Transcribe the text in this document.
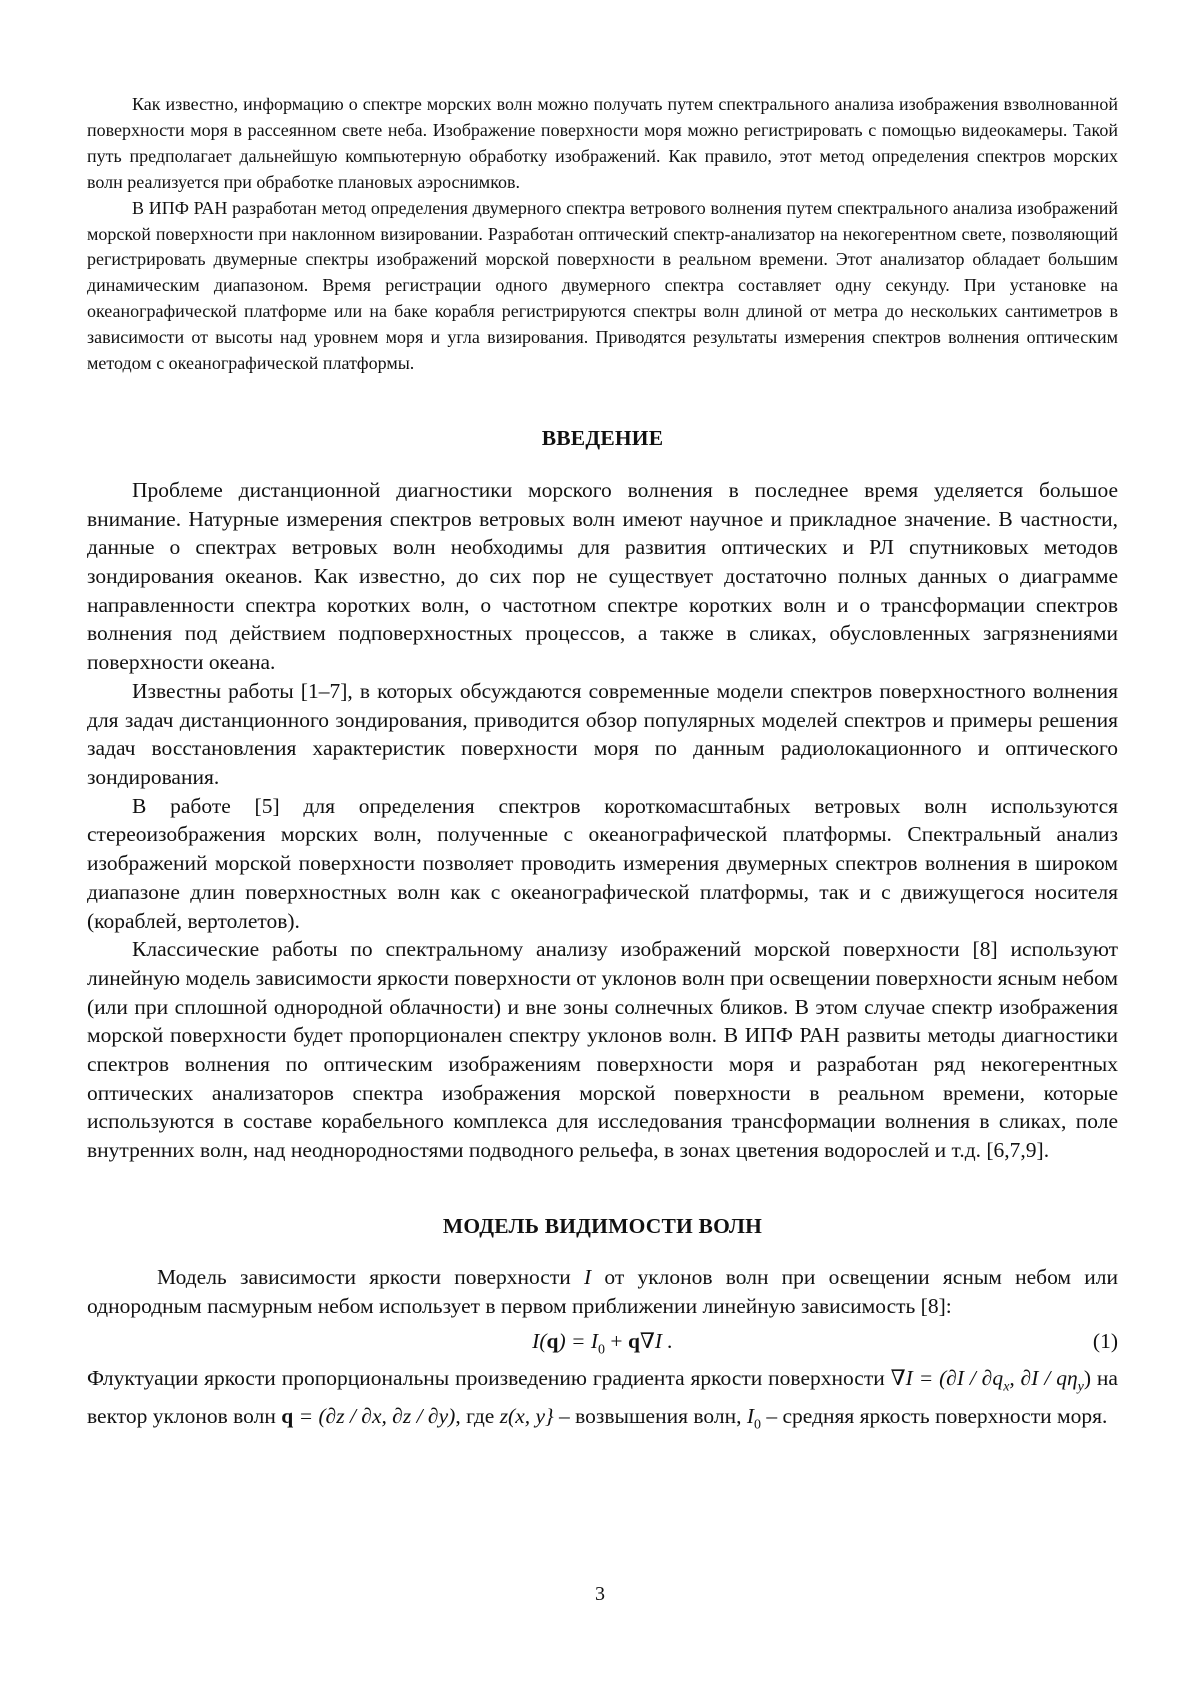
Как известно, информацию о спектре морских волн можно получать путем спектрального анализа изображения взволнованной поверхности моря в рассеянном свете неба. Изображение поверхности моря можно регистрировать с помощью видеокамеры. Такой путь предполагает дальнейшую компьютерную обработку изображений. Как правило, этот метод определения спектров морских волн реализуется при обработке плановых аэроснимков.

В ИПФ РАН разработан метод определения двумерного спектра ветрового волнения путем спектрального анализа изображений морской поверхности при наклонном визировании. Разработан оптический спектр-анализатор на некогерентном свете, позволяющий регистрировать двумерные спектры изображений морской поверхности в реальном времени. Этот анализатор обладает большим динамическим диапазоном. Время регистрации одного двумерного спектра составляет одну секунду. При установке на океанографической платформе или на баке корабля регистрируются спектры волн длиной от метра до нескольких сантиметров в зависимости от высоты над уровнем моря и угла визирования. Приводятся результаты измерения спектров волнения оптическим методом с океанографической платформы.

ВВЕДЕНИЕ

Проблеме дистанционной диагностики морского волнения в последнее время уделяется большое внимание. Натурные измерения спектров ветровых волн имеют научное и прикладное значение. В частности, данные о спектрах ветровых волн необходимы для развития оптических и РЛ спутниковых методов зондирования океанов. Как известно, до сих пор не существует достаточно полных данных о диаграмме направленности спектра коротких волн, о частотном спектре коротких волн и о трансформации спектров волнения под действием подповерхностных процессов, а также в сликах, обусловленных загрязнениями поверхности океана.

Известны работы [1–7], в которых обсуждаются современные модели спектров поверхностного волнения для задач дистанционного зондирования, приводится обзор популярных моделей спектров и примеры решения задач восстановления характеристик поверхности моря по данным радиолокационного и оптического зондирования.

В работе [5] для определения спектров короткомасштабных ветровых волн используются стереоизображения морских волн, полученные с океанографической платформы. Спектральный анализ изображений морской поверхности позволяет проводить измерения двумерных спектров волнения в широком диапазоне длин поверхностных волн как с океанографической платформы, так и с движущегося носителя (кораблей, вертолетов).

Классические работы по спектральному анализу изображений морской поверхности [8] используют линейную модель зависимости яркости поверхности от уклонов волн при освещении поверхности ясным небом (или при сплошной однородной облачности) и вне зоны солнечных бликов. В этом случае спектр изображения морской поверхности будет пропорционален спектру уклонов волн. В ИПФ РАН развиты методы диагностики спектров волнения по оптическим изображениям поверхности моря и разработан ряд некогерентных оптических анализаторов спектра изображения морской поверхности в реальном времени, которые используются в составе корабельного комплекса для исследования трансформации волнения в сликах, поле внутренних волн, над неоднородностями подводного рельефа, в зонах цветения водорослей и т.д. [6,7,9].

МОДЕЛЬ ВИДИМОСТИ ВОЛН

Модель зависимости яркости поверхности I от уклонов волн при освещении ясным небом или однородным пасмурным небом использует в первом приближении линейную зависимость [8]:

$I(q) = I_0 + q\nabla I$ .	(1)

Флуктуации яркости пропорциональны произведению градиента яркости поверхности $\nabla I = (\partial I / \partial q_x$, $\partial I / q\eta_y$) на вектор уклонов волн q = (∂z / ∂x, ∂z / ∂y), где z(x, y} – возвышения волн, $I_0$ – средняя яркость поверхности моря.

3
